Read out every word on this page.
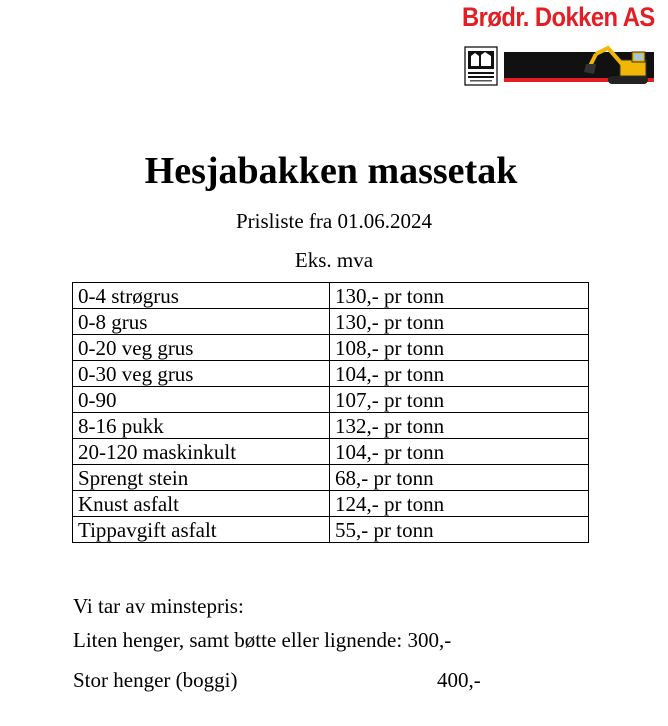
Brødr. Dokken AS
Tlf. 915 70 440
Hesjabakken massetak
Prisliste fra 01.06.2024
Eks. mva
0-4 strøgrus	130,- pr tonn
0-8 grus	130,- pr tonn
0-20 veg grus	108,- pr tonn
0-30 veg grus	104,- pr tonn
0-90	107,- pr tonn
8-16 pukk	132,- pr tonn
20-120 maskinkult	104,- pr tonn
Sprengt stein	68,- pr tonn
Knust asfalt	124,- pr tonn
Tippavgift asfalt	55,- pr tonn
Vi tar av minstepris:
Liten henger, samt bøtte eller lignende: 300,-
Stor henger (boggi)	400,-
